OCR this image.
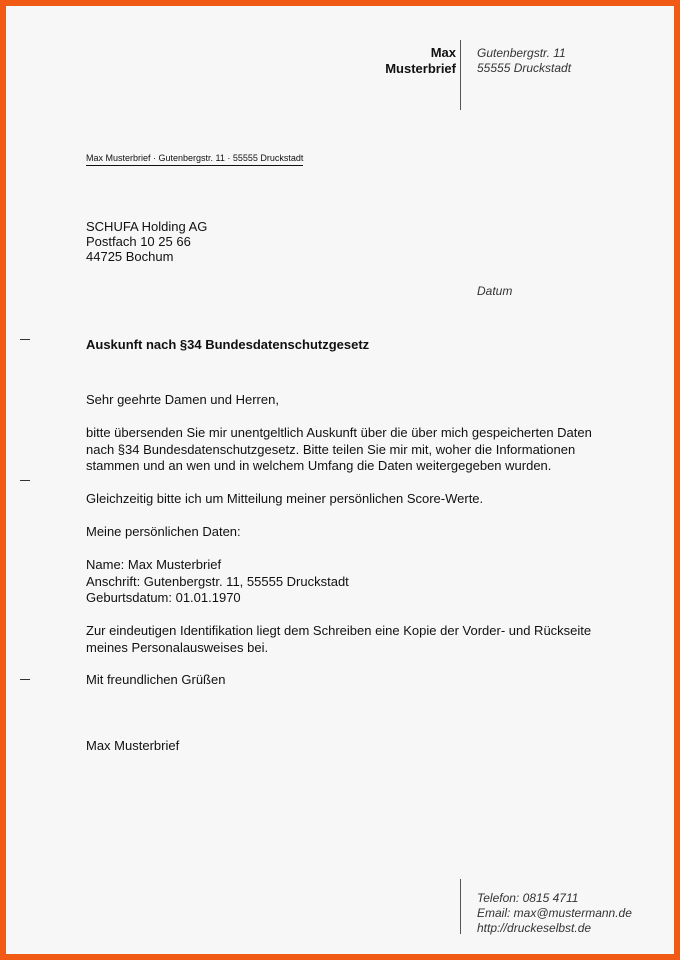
Max
Musterbrief
Gutenbergstr. 11
55555 Druckstadt
Max Musterbrief · Gutenbergstr. 11 · 55555 Druckstadt
SCHUFA Holding AG
Postfach 10 25 66
44725 Bochum
Datum
Auskunft nach §34 Bundesdatenschutzgesetz
Sehr geehrte Damen und Herren,
bitte übersenden Sie mir unentgeltlich Auskunft über die über mich gespeicherten Daten
nach §34 Bundesdatenschutzgesetz. Bitte teilen Sie mir mit, woher die Informationen
stammen und an wen und in welchem Umfang die Daten weitergegeben wurden.
Gleichzeitig bitte ich um Mitteilung meiner persönlichen Score-Werte.
Meine persönlichen Daten:
Name: Max Musterbrief
Anschrift: Gutenbergstr. 11, 55555 Druckstadt
Geburtsdatum: 01.01.1970
Zur eindeutigen Identifikation liegt dem Schreiben eine Kopie der Vorder- und Rückseite
meines Personalausweises bei.
Mit freundlichen Grüßen
Max Musterbrief
Telefon: 0815 4711
Email: max@mustermann.de
http://druckeselbst.de
